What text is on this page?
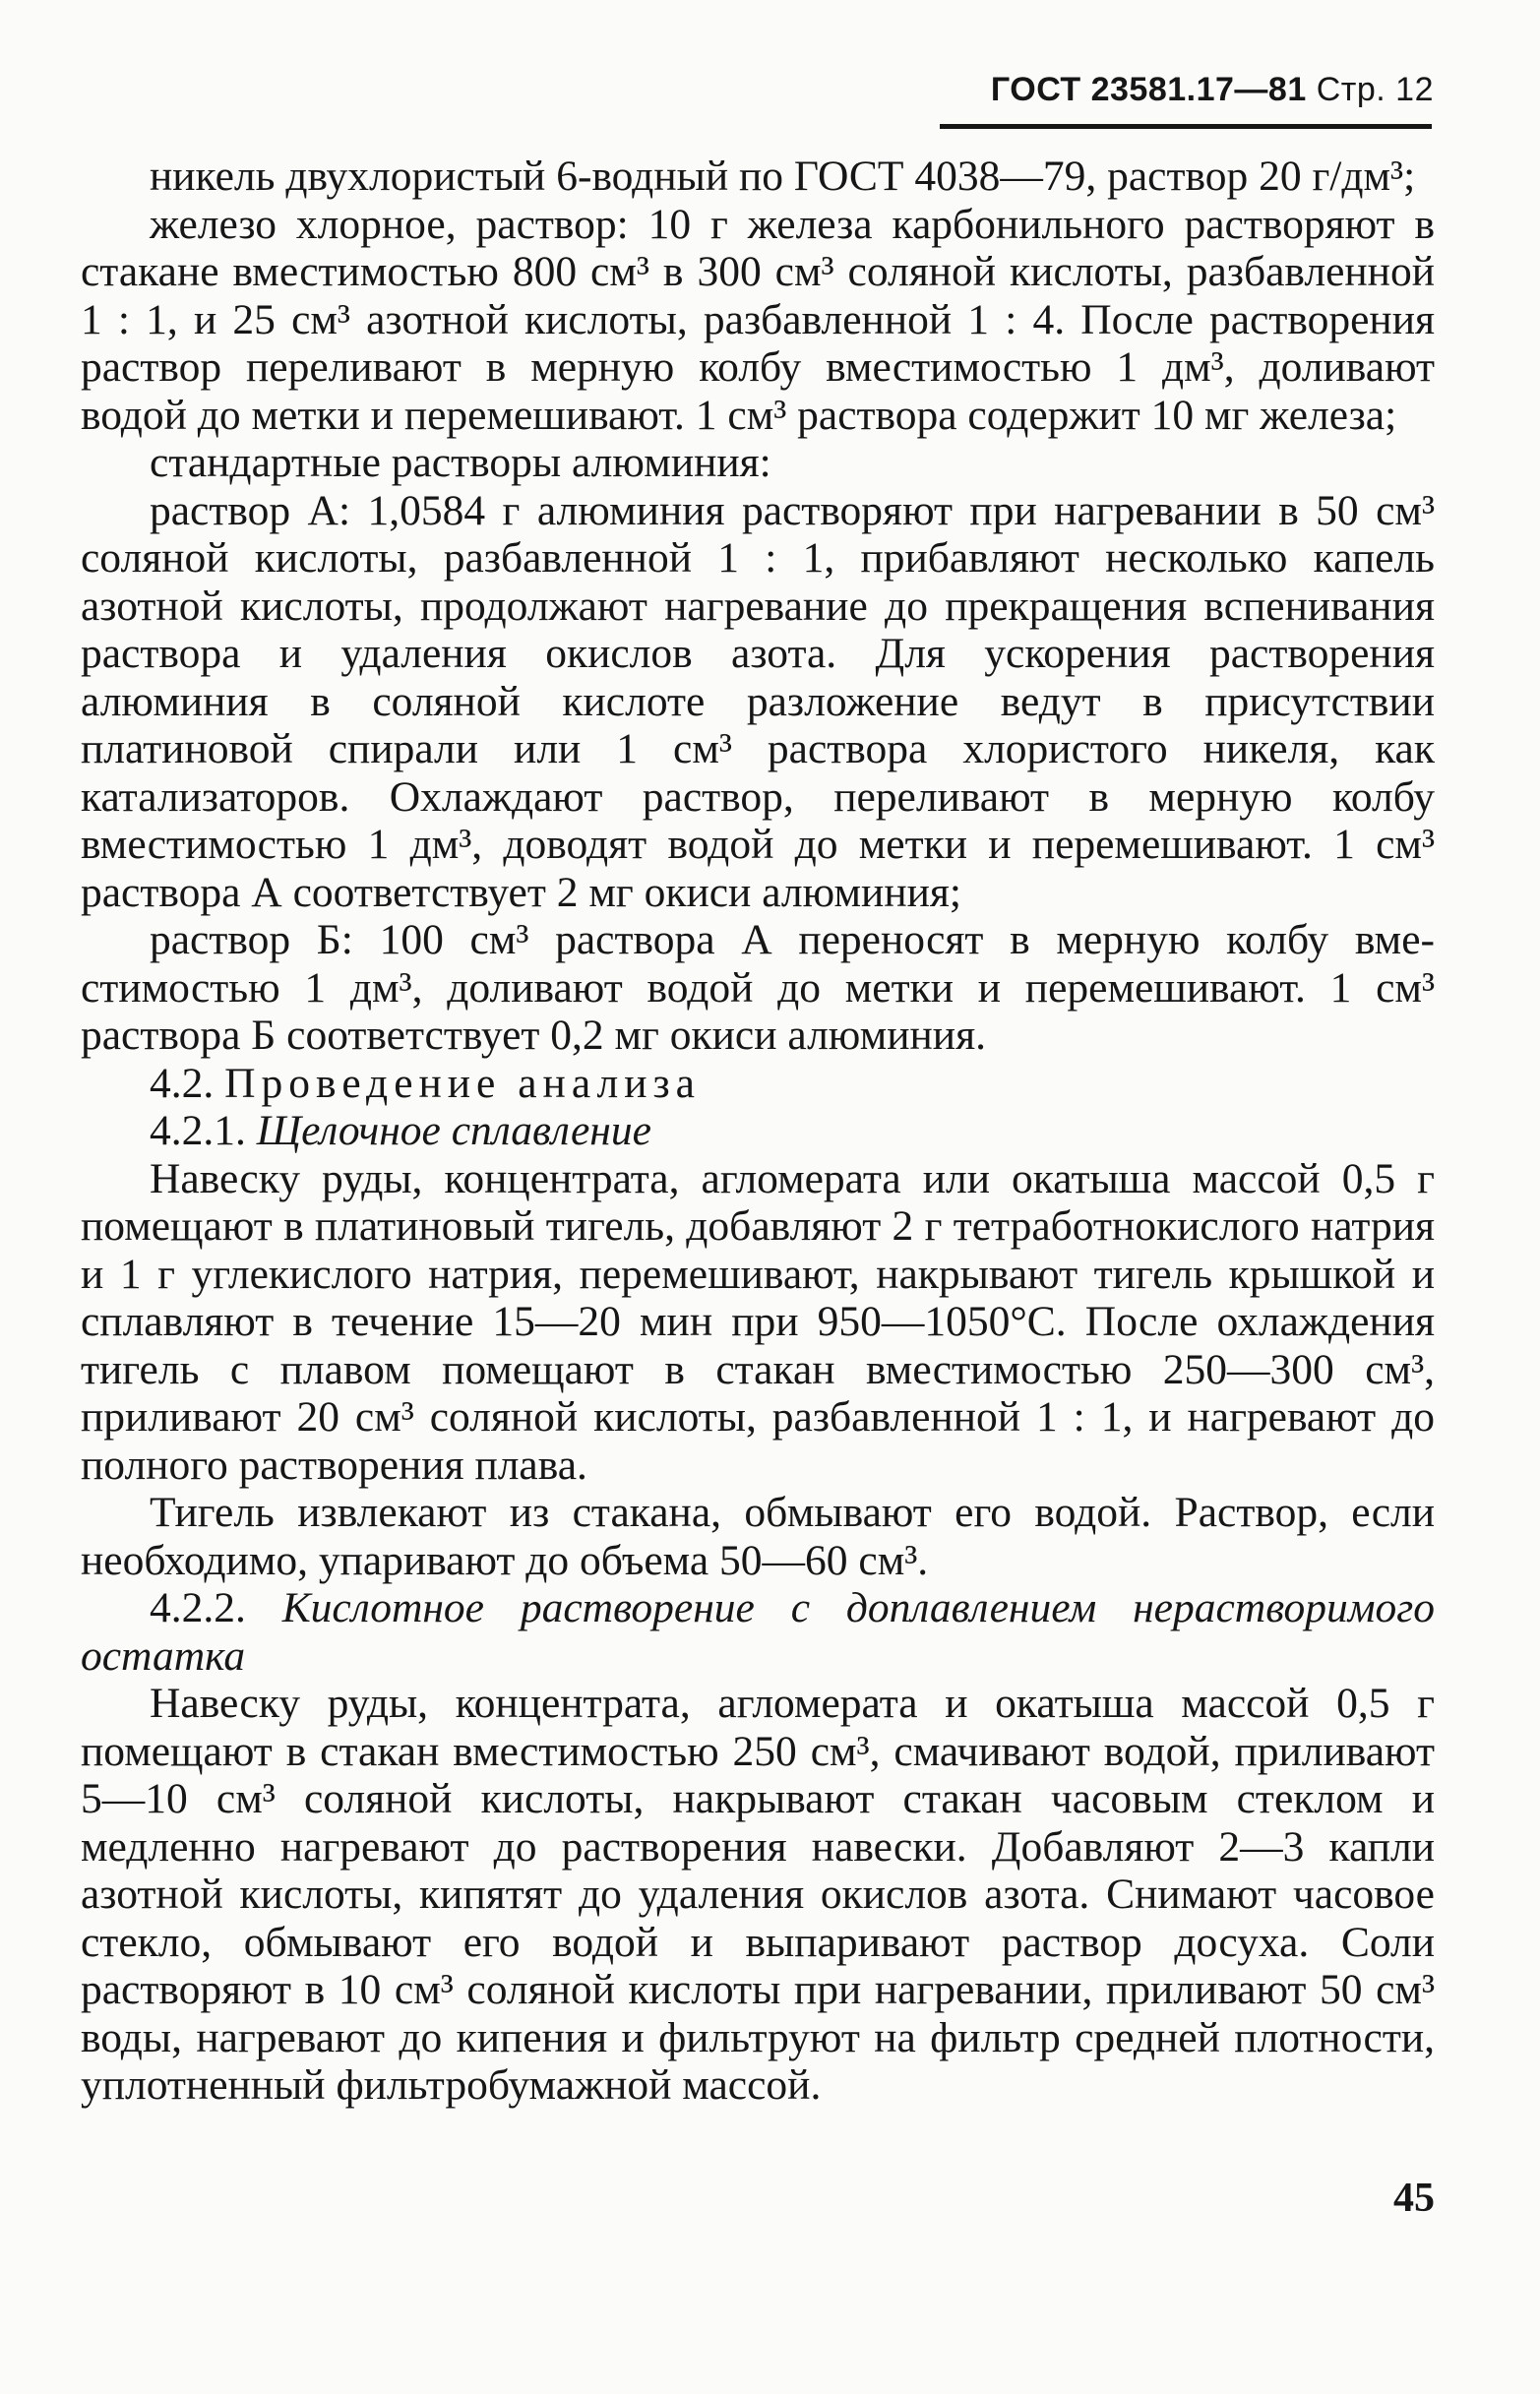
ГОСТ 23581.17—81 Стр. 12

никель двухлористый 6-водный по ГОСТ 4038—79, раствор 20 г/дм³;

железо хлорное, раствор: 10 г железа карбонильного растворяют в стакане вместимостью 800 см³ в 300 см³ соляной кислоты, разбавленной 1 : 1, и 25 см³ азотной кислоты, разбавленной 1 : 4. После растворения раствор переливают в мерную колбу вместимостью 1 дм³, доливают водой до метки и перемешивают. 1 см³ раствора содержит 10 мг железа;

стандартные растворы алюминия:

раствор А: 1,0584 г алюминия растворяют при нагревании в 50 см³ соляной кислоты, разбавленной 1 : 1, прибавляют несколько капель азотной кислоты, продолжают нагревание до прекращения вспенивания раствора и удаления окислов азота. Для ускорения растворения алюминия в соляной кислоте разложение ведут в присутствии платиновой спирали или 1 см³ раствора хлористого никеля, как катализаторов. Охлаждают раствор, переливают в мерную колбу вместимостью 1 дм³, доводят водой до метки и перемешивают. 1 см³ раствора А соответствует 2 мг окиси алюминия;

раствор Б: 100 см³ раствора А переносят в мерную колбу вместимостью 1 дм³, доливают водой до метки и перемешивают. 1 см³ раствора Б соответствует 0,2 мг окиси алюминия.

4.2. Проведение анализа

4.2.1. Щелочное сплавление

Навеску руды, концентрата, агломерата или окатыша массой 0,5 г помещают в платиновый тигель, добавляют 2 г тетработнокислого натрия и 1 г углекислого натрия, перемешивают, накрывают тигель крышкой и сплавляют в течение 15—20 мин при 950—1050°С. После охлаждения тигель с плавом помещают в стакан вместимостью 250—300 см³, приливают 20 см³ соляной кислоты, разбавленной 1 : 1, и нагревают до полного растворения плава.

Тигель извлекают из стакана, обмывают его водой. Раствор, если необходимо, упаривают до объема 50—60 см³.

4.2.2. Кислотное растворение с доплавлением нерастворимого остатка

Навеску руды, концентрата, агломерата и окатыша массой 0,5 г помещают в стакан вместимостью 250 см³, смачивают водой, приливают 5—10 см³ соляной кислоты, накрывают стакан часовым стеклом и медленно нагревают до растворения навески. Добавляют 2—3 капли азотной кислоты, кипятят до удаления окислов азота. Снимают часовое стекло, обмывают его водой и выпаривают раствор досуха. Соли растворяют в 10 см³ соляной кислоты при нагревании, приливают 50 см³ воды, нагревают до кипения и фильтруют на фильтр средней плотности, уплотненный фильтробумажной массой.

45
